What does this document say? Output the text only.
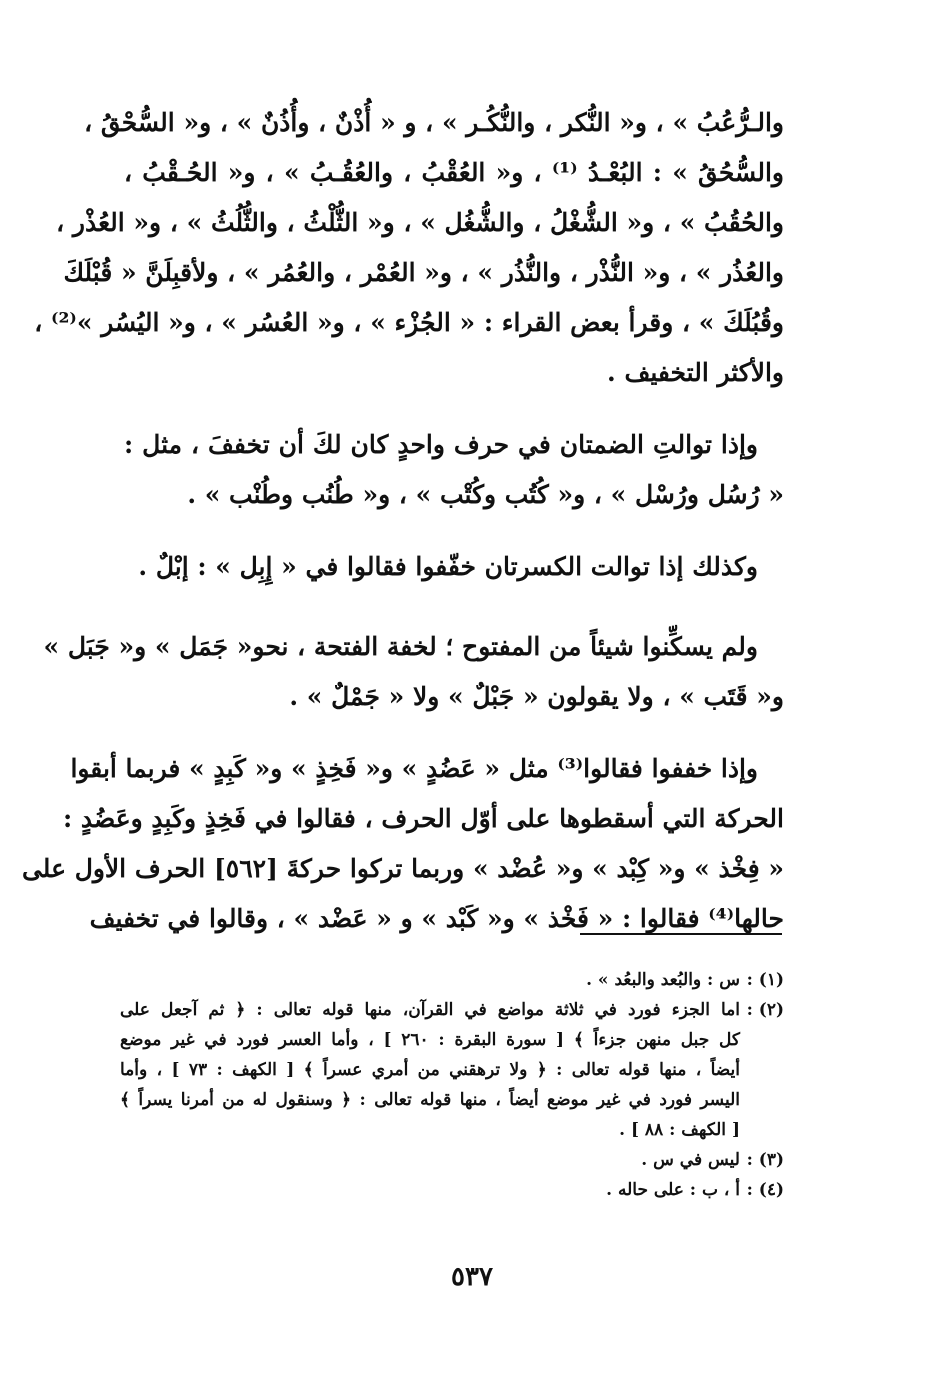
والـرُّعُبُ » ، و« النُّكر ، والنُّكُـر » ، و « أُذْنٌ ، وأُذُنٌ » ، و« السُّحْقُ ،
والسُّحُقُ » : البُعْـدُ ⁽¹⁾ ، و« العُقْبُ ، والعُقُـبُ » ، و« الحُـقْبُ ،
والحُقُبُ » ، و« الشُّغْلُ ، والشُّغُل » ، و« الثُّلْثُ ، والثُّلُثُ » ، و« العُذْر ،
والعُذُر » ، و« النُّذْر ، والنُّذُر » ، و« العُمْر ، والعُمُر » ، ولأقبِلَنَّ « قُبْلَكَ
وقُبُلَكَ » ، وقرأ بعض القراء : « الجُزْء » ، و« العُسُر » ، و« اليُسُر »⁽²⁾ ،
والأكثر التخفيف .
وإذا توالتِ الضمتان في حرف واحدٍ كان لكَ أن تخففَ ، مثل :
« رُسُل ورُسْل » ، و« كُتُب وكُتْب » ، و« طُنُب وطُنْب » .
وكذلك إذا توالت الكسرتان خفّفوا فقالوا في « إِبِل » : إبْلٌ .
ولم يسكِّنوا شيئاً من المفتوح ؛ لخفة الفتحة ، نحو« جَمَل » و« جَبَل »
و« قَتَب » ، ولا يقولون « جَبْلٌ » ولا « جَمْلٌ » .
وإذا خففوا فقالوا⁽³⁾ مثل « عَضُدٍ » و« فَخِذٍ » و« كَبِدٍ » فربما أبقوا
الحركة التي أسقطوها على أوّل الحرف ، فقالوا في فَخِذٍ وكَبِدٍ وعَضُدٍ :
« فِخْذ » و« كِبْد » و« عُضْد » وربما تركوا حركةَ [٥٦٢] الحرف الأول على
حالها⁽⁴⁾ فقالوا : « فَخْذ » و« كَبْد » و « عَضْد » ، وقالوا في تخفيف
(١) :
س : والبُعد والبعُد » .
(٢) :
اما الجزء فورد في ثلاثة مواضع في القرآن، منها قوله تعالى : ﴿ ثم آجعل على
كل جبل منهن جزءاً ﴾ [ سورة البقرة : ٢٦٠ ] ، وأما العسر فورد في غير موضع
أيضاً ، منها قوله تعالى : ﴿ ولا ترهقني من أمري عسراً ﴾ [ الكهف : ٧٣ ] ، وأما
اليسر فورد في غير موضع أيضاً ، منها قوله تعالى : ﴿ وسنقول له من أمرنا يسراً ﴾
[ الكهف : ٨٨ ] .
(٣) :
ليس في س .
(٤) :
أ ، ب : على حاله .
٥٣٧
